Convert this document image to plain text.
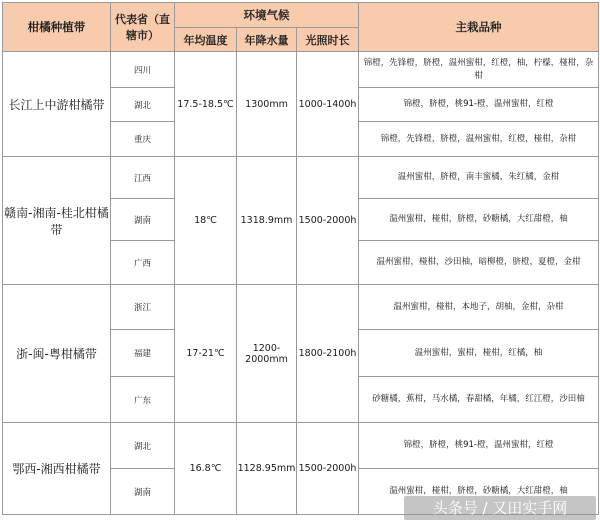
柑橘种植带	代表省（直辖市）	环境气候			主栽品种
		年均温度	年降水量	光照时长	
长江上中游柑橘带	四川	17.5-18.5℃	1300mm	1000-1400h	锦橙，先锋橙，脐橙，温州蜜柑，红橙，柚，柠檬，椪柑，杂柑
	湖北				锦橙，脐橙，桃91-橙，温州蜜柑，红橙
	重庆				锦橙，先锋橙，脐橙，温州蜜柑，红橙，椪柑，杂柑
赣南-湘南-桂北柑橘带	江西	18℃	1318.9mm	1500-2000h	温州蜜柑，脐橙，南丰蜜橘，朱红橘，金柑
	湖南				温州蜜柑，椪柑，脐橙，砂糖橘，大红甜橙，柚
	广西				温州蜜柑，椪柑，沙田柚，暗柳橙，脐橙，夏橙，金柑
浙-闽-粤柑橘带	浙江	17-21℃	1200-2000mm	1800-2100h	温州蜜柑，椪柑，本地子，胡柚，金柑，杂柑
	福建				温州蜜柑，蜜柑，椪柑，红橘，柚
	广东				砂糖橘，蕉柑，马水橘，春甜橘，年橘，红江橙，沙田柚
鄂西-湘西柑橘带	湖北	16.8℃	1128.95mm	1500-2000h	锦橙，脐橙，桃91-橙，温州蜜柑，红橙
	湖南				温州蜜柑，椪柑，脐橙，砂糖橘，大红甜橙，柚
头条号 / 又田实手网
